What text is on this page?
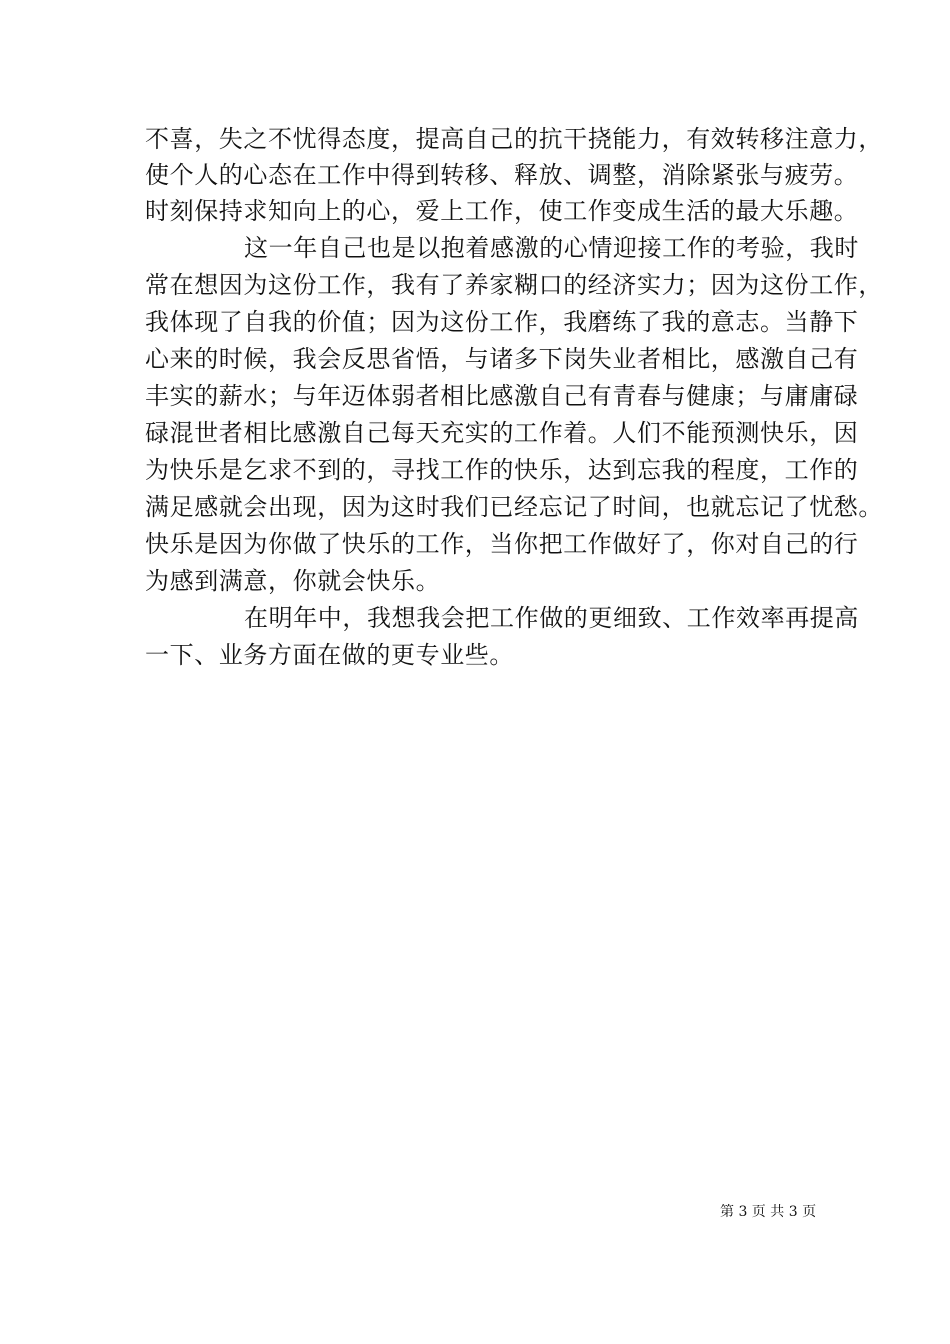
不喜，失之不忧得态度，提高自己的抗干挠能力，有效转移注意力，
使个人的心态在工作中得到转移、释放、调整，消除紧张与疲劳。
时刻保持求知向上的心，爱上工作，使工作变成生活的最大乐趣。
这一年自己也是以抱着感激的心情迎接工作的考验，我时
常在想因为这份工作，我有了养家糊口的经济实力；因为这份工作，
我体现了自我的价值；因为这份工作，我磨练了我的意志。当静下
心来的时候，我会反思省悟，与诸多下岗失业者相比，感激自己有
丰实的薪水；与年迈体弱者相比感激自己有青春与健康；与庸庸碌
碌混世者相比感激自己每天充实的工作着。人们不能预测快乐，因
为快乐是乞求不到的，寻找工作的快乐，达到忘我的程度，工作的
满足感就会出现，因为这时我们已经忘记了时间，也就忘记了忧愁。
快乐是因为你做了快乐的工作，当你把工作做好了，你对自己的行
为感到满意，你就会快乐。
在明年中，我想我会把工作做的更细致、工作效率再提高
一下、业务方面在做的更专业些。
第 3 页 共 3 页
